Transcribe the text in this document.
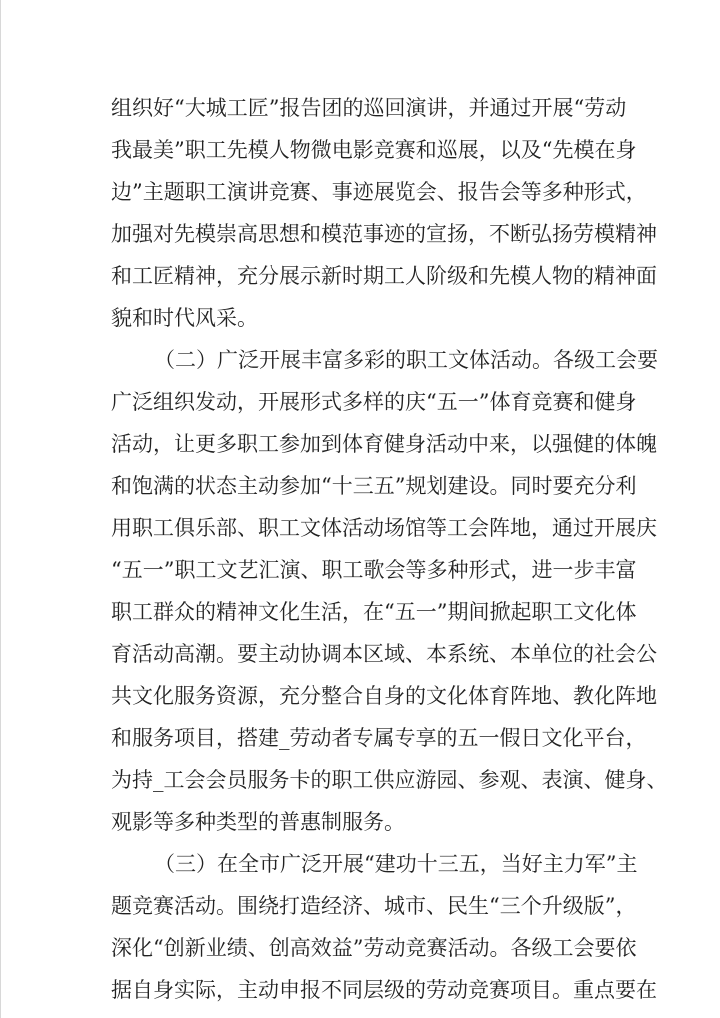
组织好“大城工匠”报告团的巡回演讲，并通过开展“劳动

我最美”职工先模人物微电影竞赛和巡展，以及“先模在身

边”主题职工演讲竞赛、事迹展览会、报告会等多种形式，

加强对先模崇高思想和模范事迹的宣扬，不断弘扬劳模精神

和工匠精神，充分展示新时期工人阶级和先模人物的精神面

貌和时代风采。

（二）广泛开展丰富多彩的职工文体活动。各级工会要

广泛组织发动，开展形式多样的庆“五一”体育竞赛和健身

活动，让更多职工参加到体育健身活动中来，以强健的体魄

和饱满的状态主动参加“十三五”规划建设。同时要充分利

用职工俱乐部、职工文体活动场馆等工会阵地，通过开展庆

“五一”职工文艺汇演、职工歌会等多种形式，进一步丰富

职工群众的精神文化生活，在“五一”期间掀起职工文化体

育活动高潮。要主动协调本区域、本系统、本单位的社会公

共文化服务资源，充分整合自身的文化体育阵地、教化阵地

和服务项目，搭建_劳动者专属专享的五一假日文化平台，

为持_工会会员服务卡的职工供应游园、参观、表演、健身、

观影等多种类型的普惠制服务。

（三）在全市广泛开展“建功十三五，当好主力军”主

题竞赛活动。围绕打造经济、城市、民生“三个升级版”，

深化“创新业绩、创高效益”劳动竞赛活动。各级工会要依

据自身实际，主动申报不同层级的劳动竞赛项目。重点要在
